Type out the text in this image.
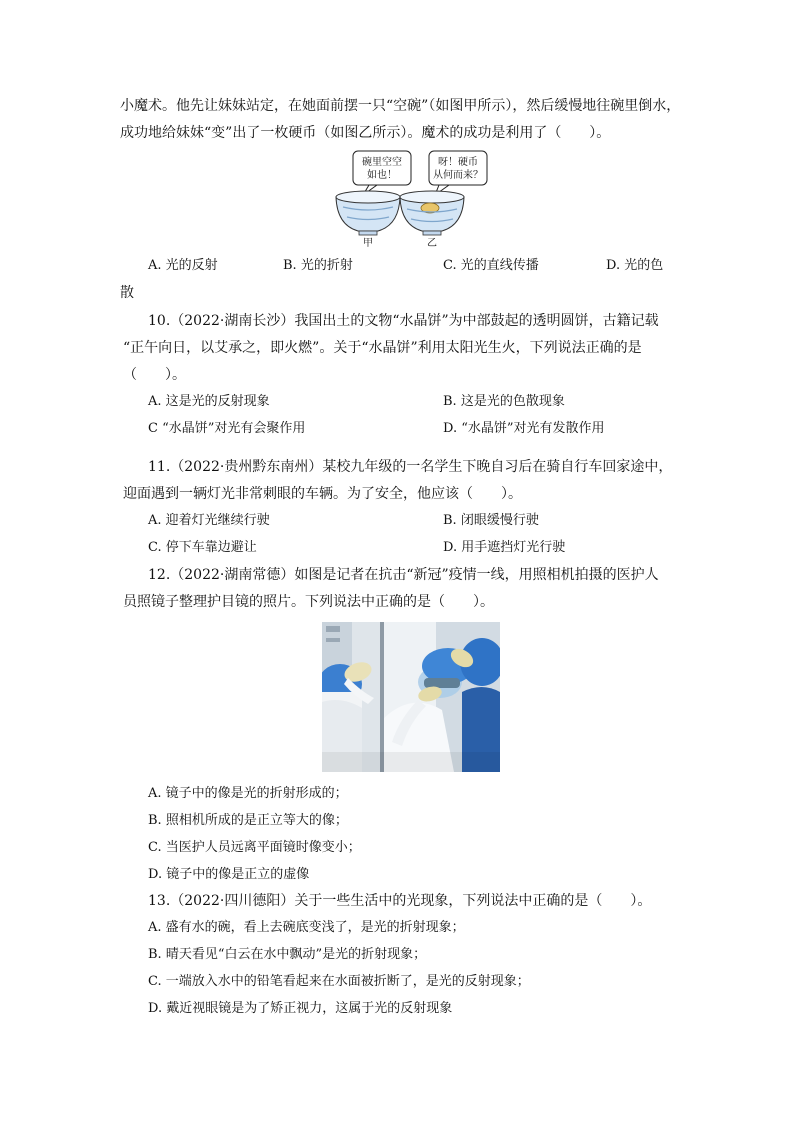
小魔术。他先让妹妹站定，在她面前摆一只“空碗”（如图甲所示），然后缓慢地往碗里倒水，
成功地给妹妹“变”出了一枚硬币（如图乙所示）。魔术的成功是利用了（　　）。
碗里空空
如也！
呀！硬币
从何而来？
甲	乙
A. 光的反射	B. 光的折射	C. 光的直线传播	D. 光的色
散
10.（2022·湖南长沙）我国出土的文物“水晶饼”为中部鼓起的透明圆饼，古籍记载
“正午向日，以艾承之，即火燃”。关于“水晶饼”利用太阳光生火，下列说法正确的是
（　　）。
A. 这是光的反射现象	B. 这是光的色散现象
C “水晶饼”对光有会聚作用	D. “水晶饼”对光有发散作用
11.（2022·贵州黔东南州）某校九年级的一名学生下晚自习后在骑自行车回家途中，
迎面遇到一辆灯光非常刺眼的车辆。为了安全，他应该（　　）。
A. 迎着灯光继续行驶	B. 闭眼缓慢行驶
C. 停下车靠边避让	D. 用手遮挡灯光行驶
12.（2022·湖南常德）如图是记者在抗击“新冠”疫情一线，用照相机拍摄的医护人
员照镜子整理护目镜的照片。下列说法中正确的是（　　）。
A. 镜子中的像是光的折射形成的；
B. 照相机所成的是正立等大的像；
C. 当医护人员远离平面镜时像变小；
D. 镜子中的像是正立的虚像
13.（2022·四川德阳）关于一些生活中的光现象，下列说法中正确的是（　　）。
A. 盛有水的碗，看上去碗底变浅了，是光的折射现象；
B. 晴天看见“白云在水中飘动”是光的折射现象；
C. 一端放入水中的铅笔看起来在水面被折断了，是光的反射现象；
D. 戴近视眼镜是为了矫正视力，这属于光的反射现象
